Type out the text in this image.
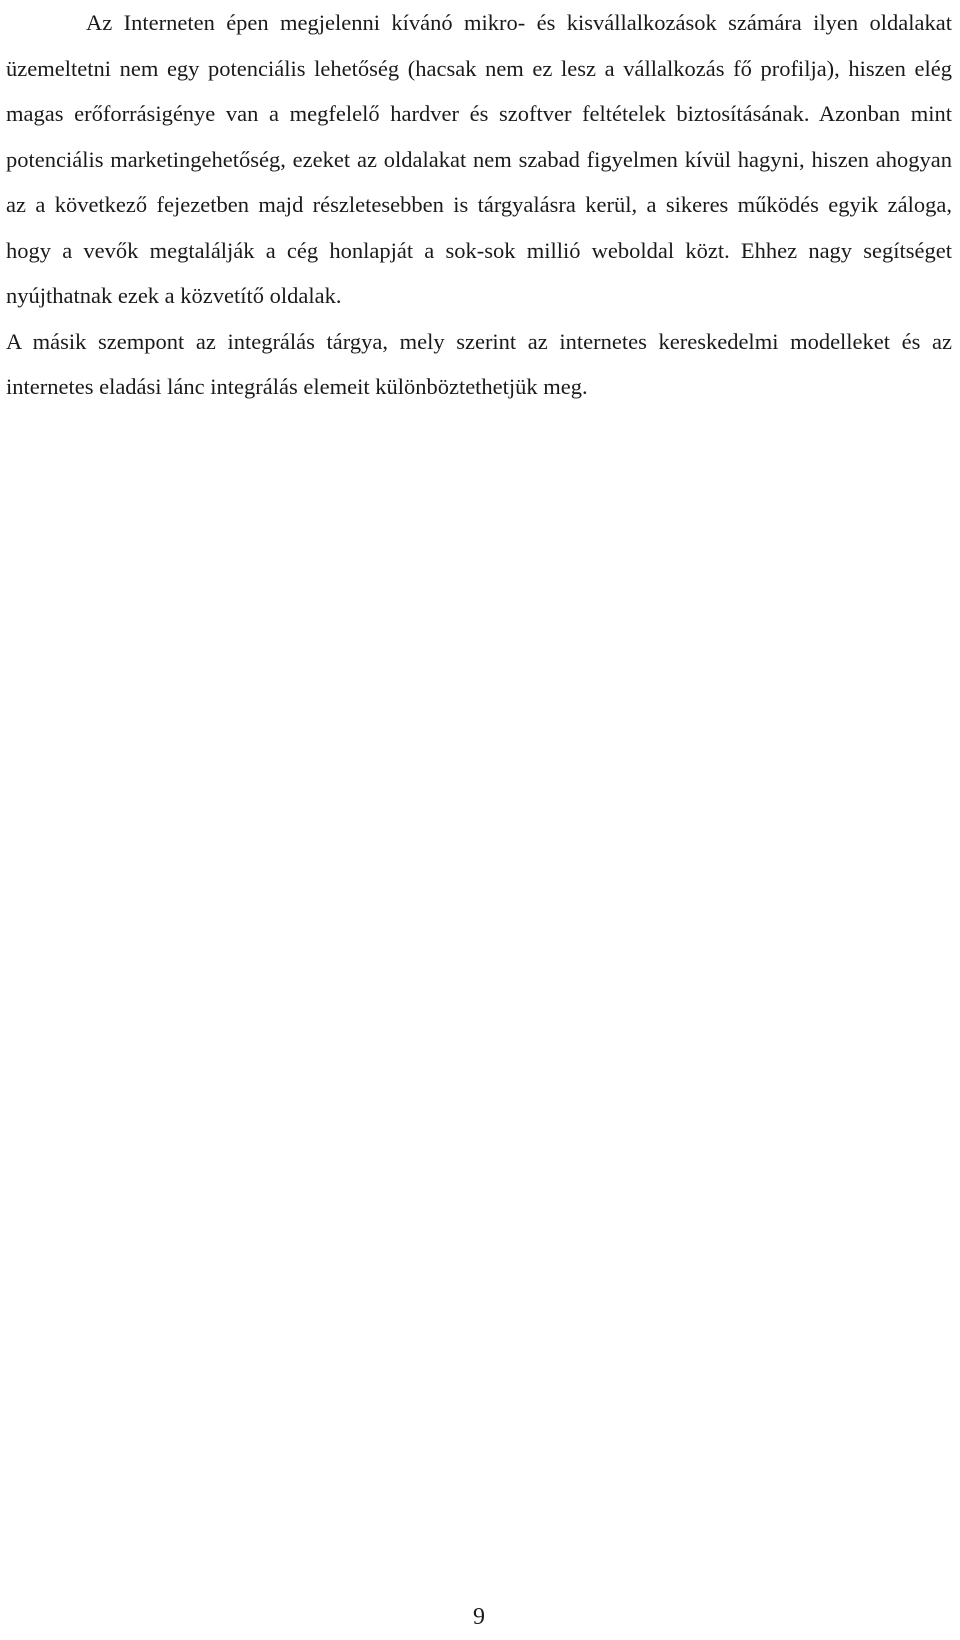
Az Interneten épen megjelenni kívánó mikro- és kisvállalkozások számára ilyen oldalakat üzemeltetni nem egy potenciális lehetőség (hacsak nem ez lesz a vállalkozás fő profilja), hiszen elég magas erőforrásigénye van a megfelelő hardver és szoftver feltételek biztosításának. Azonban mint potenciális marketingehetőség, ezeket az oldalakat nem szabad figyelmen kívül hagyni, hiszen ahogyan az a következő fejezetben majd részletesebben is tárgyalásra kerül, a sikeres működés egyik záloga, hogy a vevők megtalálják a cég honlapját a sok-sok millió weboldal közt. Ehhez nagy segítséget nyújthatnak ezek a közvetítő oldalak.

A másik szempont az integrálás tárgya, mely szerint az internetes kereskedelmi modelleket és az internetes eladási lánc integrálás elemeit különböztethetjük meg.

9
